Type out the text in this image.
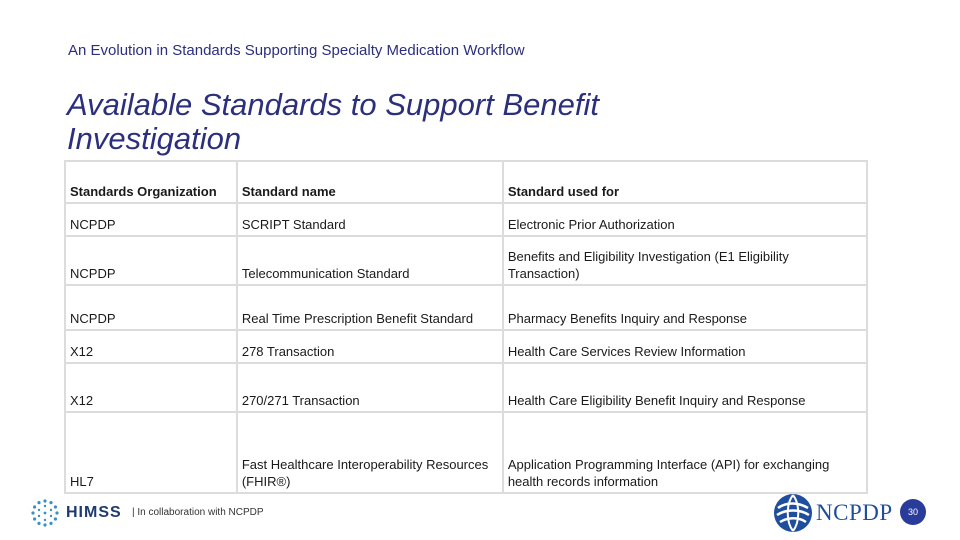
An Evolution in Standards Supporting Specialty Medication Workflow
Available Standards to Support Benefit Investigation
Standards Organization	Standard name	Standard used for
NCPDP	SCRIPT Standard	Electronic Prior Authorization
NCPDP	Telecommunication Standard	Benefits and Eligibility Investigation (E1 Eligibility Transaction)
NCPDP	Real Time Prescription Benefit Standard	Pharmacy Benefits Inquiry and Response
X12	278 Transaction	Health Care Services Review Information
X12	270/271 Transaction	Health Care Eligibility Benefit Inquiry and Response
HL7	Fast Healthcare Interoperability Resources (FHIR®)	Application Programming Interface (API) for exchanging health records information
HIMSS | In collaboration with NCPDP	NCPDP	30
